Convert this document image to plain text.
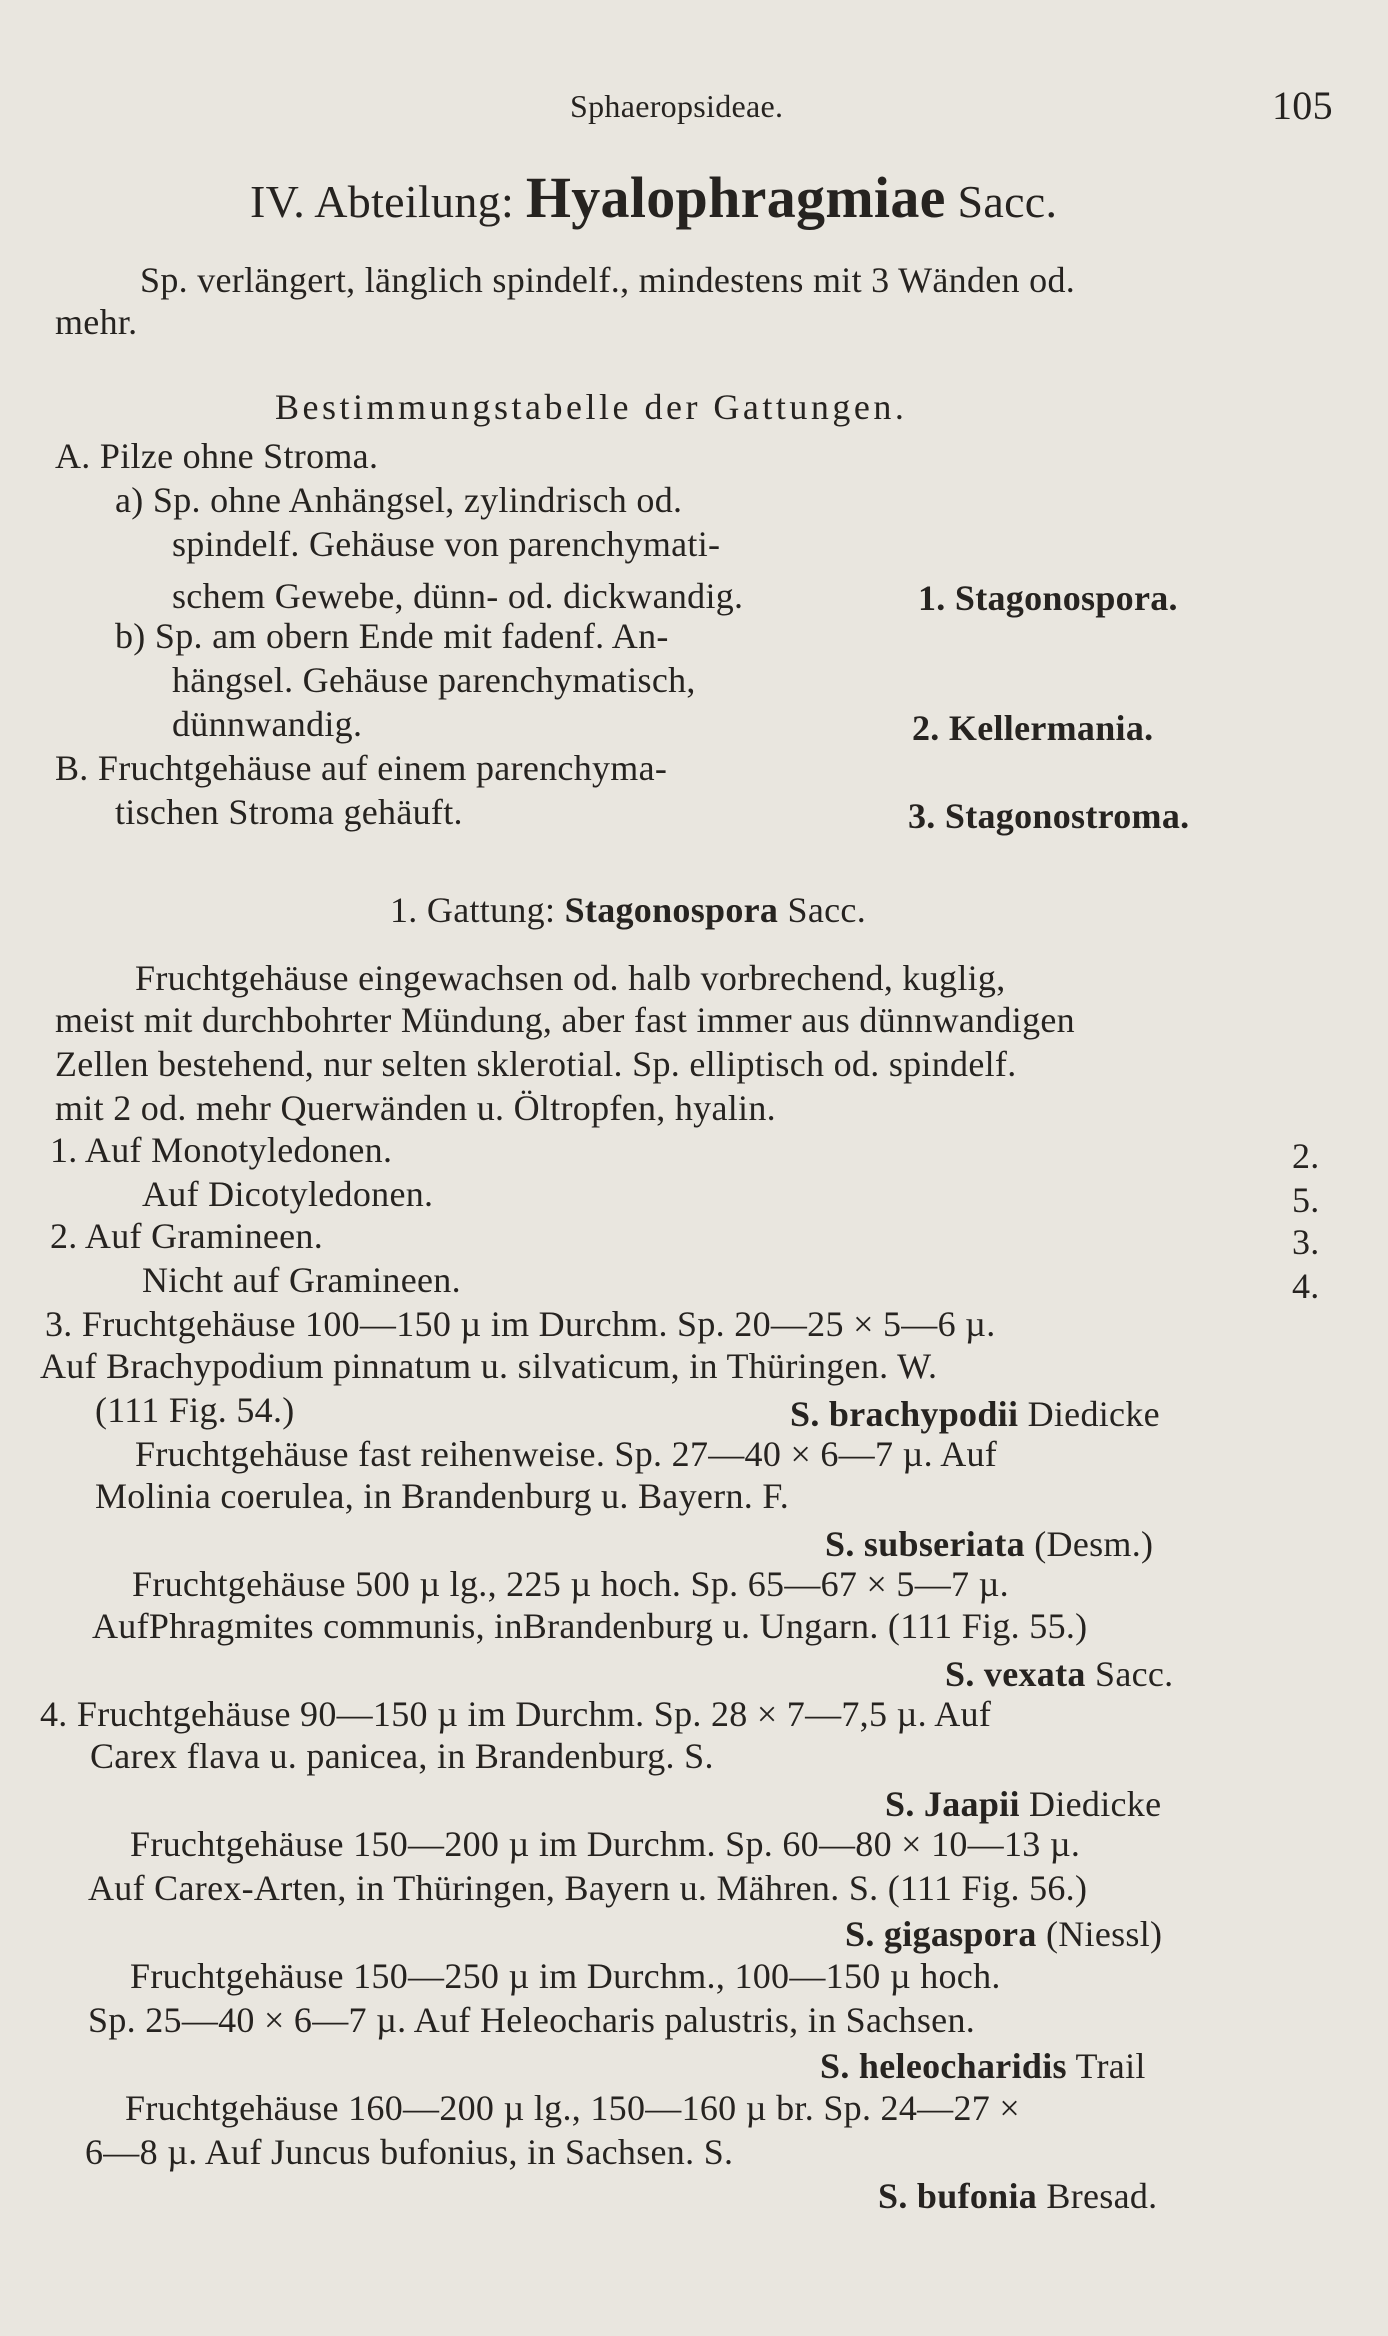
Sphaeropsideae.	105
IV. Abteilung: Hyalophragmiae Sacc.
Sp. verlängert, länglich spindelf., mindestens mit 3 Wänden od.
mehr.
Bestimmungstabelle der Gattungen.
A. Pilze ohne Stroma.
a) Sp. ohne Anhängsel, zylindrisch od.
spindelf. Gehäuse von parenchymati-
schem Gewebe, dünn- od. dickwandig.	1. Stagonospora.
b) Sp. am obern Ende mit fadenf. An-
hängsel. Gehäuse parenchymatisch,
dünnwandig.	2. Kellermania.
B. Fruchtgehäuse auf einem parenchyma-
tischen Stroma gehäuft.	3. Stagonostroma.
1. Gattung: Stagonospora Sacc.
Fruchtgehäuse eingewachsen od. halb vorbrechend, kuglig,
meist mit durchbohrter Mündung, aber fast immer aus dünnwandigen
Zellen bestehend, nur selten sklerotial. Sp. elliptisch od. spindelf.
mit 2 od. mehr Querwänden u. Öltropfen, hyalin.
1. Auf Monotyledonen.	2.
Auf Dicotyledonen.	5.
2. Auf Gramineen.	3.
Nicht auf Gramineen.	4.
3. Fruchtgehäuse 100—150 µ im Durchm. Sp. 20—25 × 5—6 µ.
Auf Brachypodium pinnatum u. silvaticum, in Thüringen. W.
(111 Fig. 54.)	S. brachypodii Diedicke
Fruchtgehäuse fast reihenweise. Sp. 27—40 × 6—7 µ. Auf
Molinia coerulea, in Brandenburg u. Bayern. F.
S. subseriata (Desm.)
Fruchtgehäuse 500 µ lg., 225 µ hoch. Sp. 65—67 × 5—7 µ.
AufPhragmites communis, inBrandenburg u. Ungarn. (111 Fig. 55.)
S. vexata Sacc.
4. Fruchtgehäuse 90—150 µ im Durchm. Sp. 28 × 7—7,5 µ. Auf
Carex flava u. panicea, in Brandenburg. S.
S. Jaapii Diedicke
Fruchtgehäuse 150—200 µ im Durchm. Sp. 60—80 × 10—13 µ.
Auf Carex-Arten, in Thüringen, Bayern u. Mähren. S. (111 Fig. 56.)
S. gigaspora (Niessl)
Fruchtgehäuse 150—250 µ im Durchm., 100—150 µ hoch.
Sp. 25—40 × 6—7 µ. Auf Heleocharis palustris, in Sachsen.
S. heleocharidis Trail
Fruchtgehäuse 160—200 µ lg., 150—160 µ br. Sp. 24—27 ×
6—8 µ. Auf Juncus bufonius, in Sachsen. S.
S. bufonia Bresad.
